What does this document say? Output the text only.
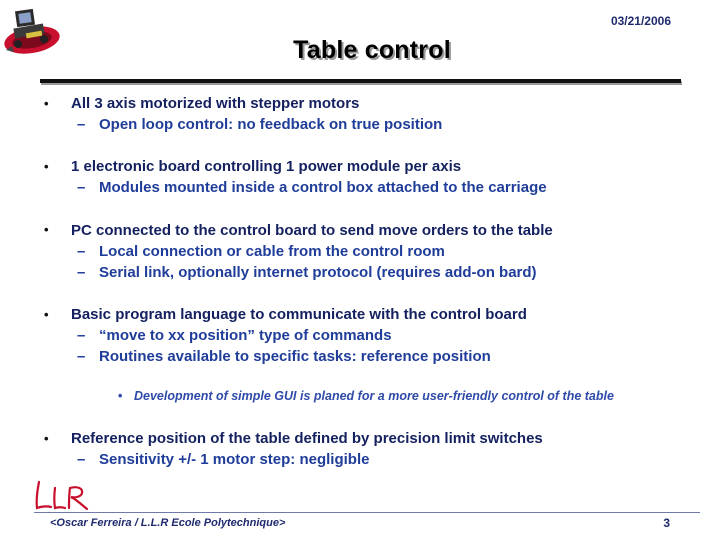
03/21/2006
Table control
• All 3 axis motorized with stepper motors
– Open loop control: no feedback on true position
• 1 electronic board controlling 1 power module per axis
– Modules mounted inside a control box attached to the carriage
• PC connected to the control board to send move orders to the table
– Local connection or cable from the control room
– Serial link, optionally internet protocol (requires add-on bard)
• Basic program language to communicate with the control board
– “move to xx position” type of commands
– Routines available to specific tasks: reference position
• Development of simple GUI is planed for a more user-friendly control of the table
• Reference position of the table defined by precision limit switches
– Sensitivity +/- 1 motor step: negligible
<Oscar Ferreira / L.L.R Ecole Polytechnique>	3
